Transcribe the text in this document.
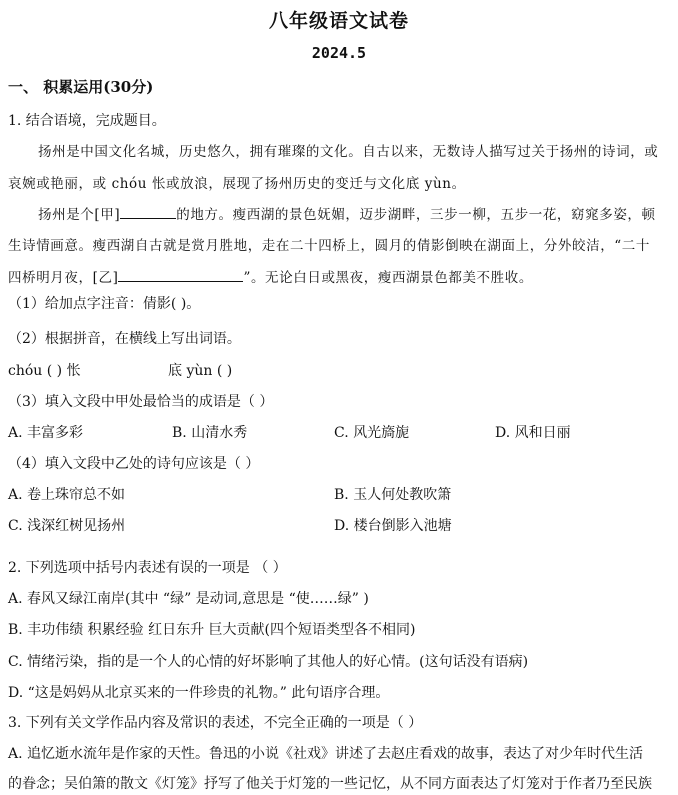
八年级语文试卷
2024.5
一、 积累运用(30分)
1. 结合语境，完成题目。
扬州是中国文化名城，历史悠久，拥有璀璨的文化。自古以来，无数诗人描写过关于扬州的诗词，或
哀婉或艳丽，或 chóu 怅或放浪，展现了扬州历史的变迁与文化底 yùn。
扬州是个[甲]	的地方。瘦西湖的景色妩媚，迈步湖畔，三步一柳，五步一花，窈窕多姿，顿
生诗情画意。瘦西湖自古就是赏月胜地，走在二十四桥上，圆月的倩影倒映在湖面上，分外皎洁，“二十
四桥明月夜，[乙]	”。无论白日或黑夜，瘦西湖景色都美不胜收。
（1）给加点字注音：倩影( )。
（2）根据拼音，在横线上写出词语。
chóu ( ) 怅	底 yùn ( )
（3）填入文段中甲处最恰当的成语是（ ）
A. 丰富多彩	B. 山清水秀	C. 风光旖旎	D. 风和日丽
（4）填入文段中乙处的诗句应该是（ ）
A. 卷上珠帘总不如	B. 玉人何处教吹箫
C. 浅深红树见扬州	D. 楼台倒影入池塘
2. 下列选项中括号内表述有误的一项是 （ ）
A. 春风又绿江南岸(其中 “绿” 是动词,意思是 “使……绿” )
B. 丰功伟绩 积累经验 红日东升 巨大贡献(四个短语类型各不相同)
C. 情绪污染，指的是一个人的心情的好坏影响了其他人的好心情。(这句话没有语病)
D. “这是妈妈从北京买来的一件珍贵的礼物。” 此句语序合理。
3. 下列有关文学作品内容及常识的表述，不完全正确的一项是（ ）
A. 追忆逝水流年是作家的天性。鲁迅的小说《社戏》讲述了去赵庄看戏的故事，表达了对少年时代生活
的眷念；吴伯箫的散文《灯笼》抒写了他关于灯笼的一些记忆，从不同方面表达了灯笼对于作者乃至民族
